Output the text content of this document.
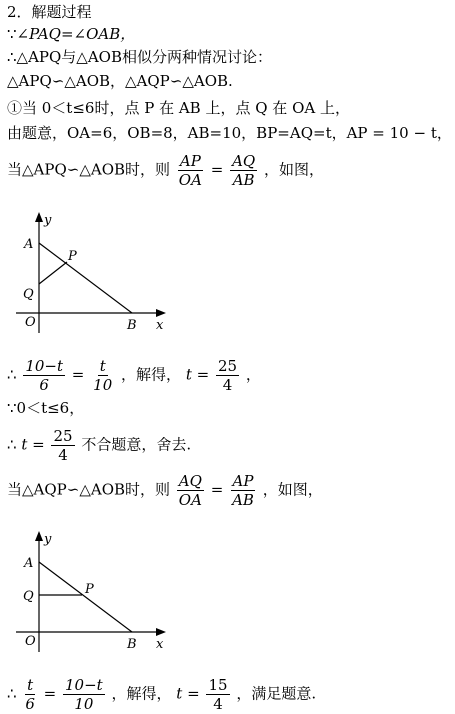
2．解题过程
∵∠PAQ=∠OAB，
∴△APQ与△AOB相似分两种情况讨论：
△APQ∽△AOB，△AQP∽△AOB.
①当 0＜t≤6时，点 P 在 AB 上，点 Q 在 OA 上，
由题意，OA=6，OB=8，AB=10，BP=AQ=t，AP = 10 − t，
当△APQ∽△AOB时，则 $\frac{AP}{OA} = \frac{AQ}{AB}$ ，如图，
y
A
P
Q
O	B x
∴ $\frac{10-t}{6} = \frac{t}{10}$ ，解得， $t = \frac{25}{4}$ ，
∵0＜t≤6，
∴ $t = \frac{25}{4}$ 不合题意，舍去.
当△AQP∽△AOB时，则 $\frac{AQ}{OA} = \frac{AP}{AB}$ ，如图，
y
A
P
Q
O	B x
∴ $\frac{t}{6} = \frac{10-t}{10}$ ，解得， $t = \frac{15}{4}$ ，满足题意.
